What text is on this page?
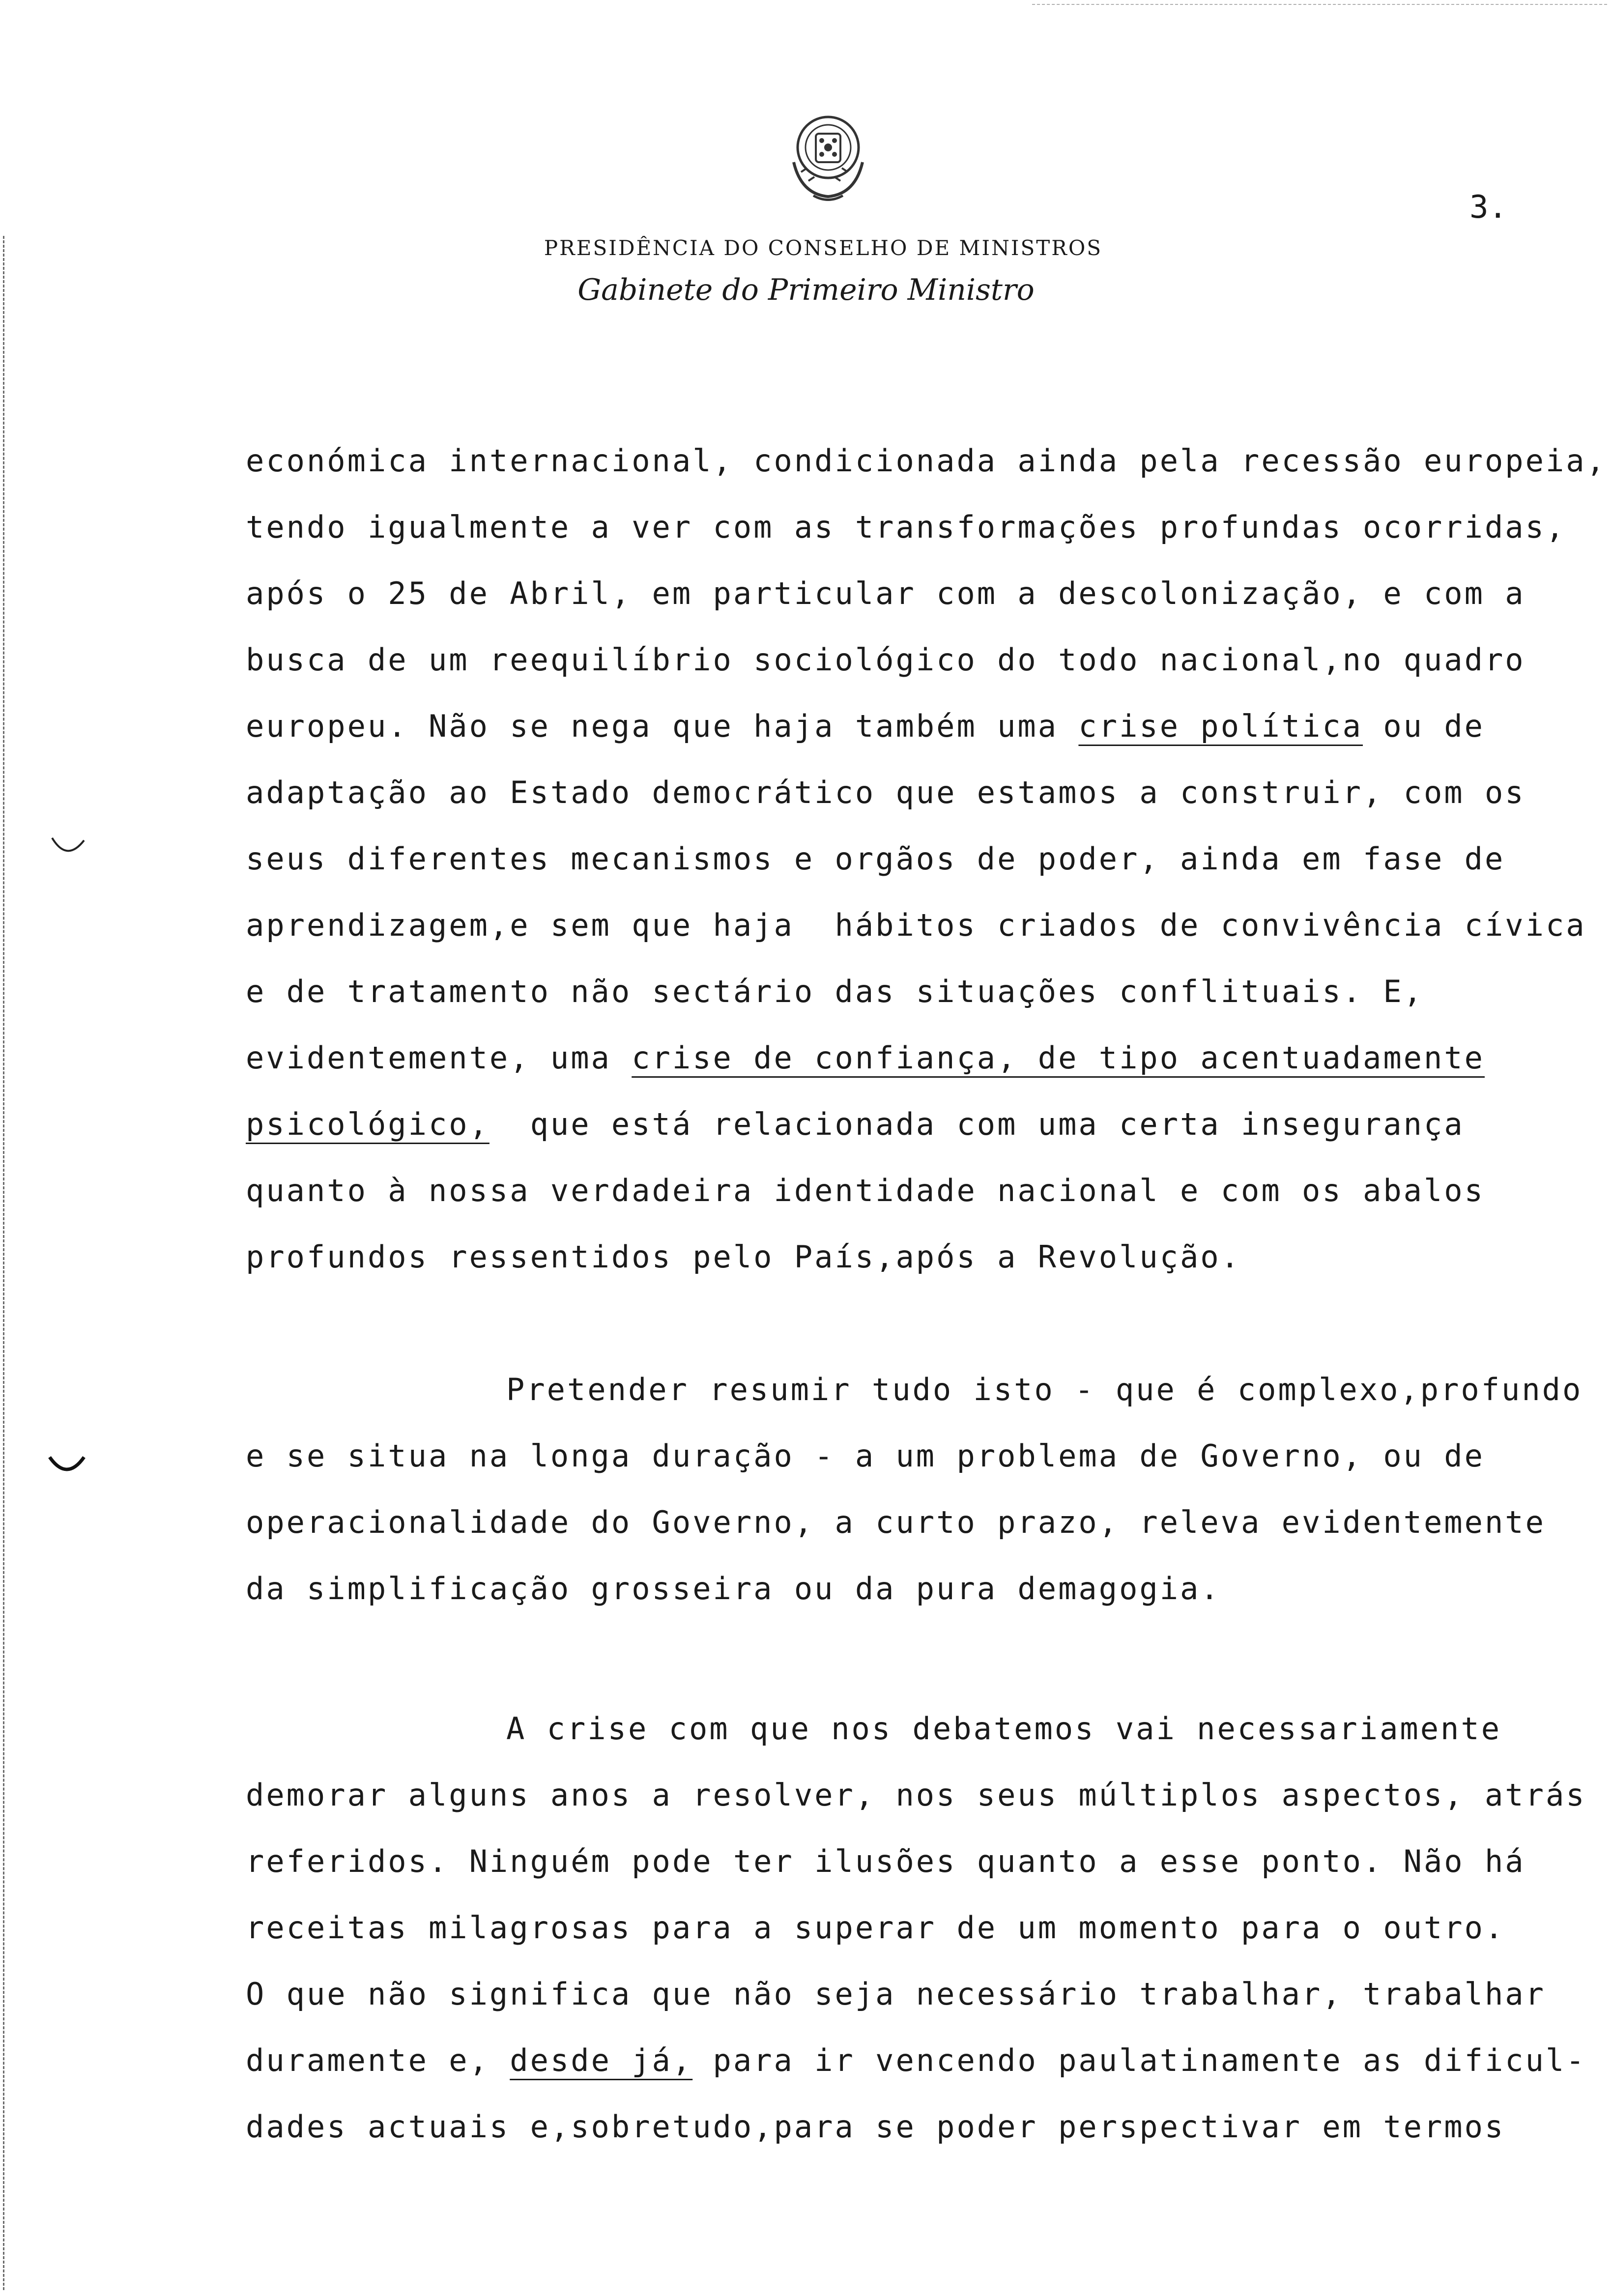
3.
PRESIDÊNCIA DO CONSELHO DE MINISTROS
Gabinete do Primeiro Ministro
económica internacional, condicionada ainda pela recessão europeia,
tendo igualmente a ver com as transformações profundas ocorridas,
após o 25 de Abril, em particular com a descolonização, e com a
busca de um reequilíbrio sociológico do todo nacional,no quadro
europeu. Não se nega que haja também uma crise política ou de
adaptação ao Estado democrático que estamos a construir, com os
seus diferentes mecanismos e orgãos de poder, ainda em fase de
aprendizagem,e sem que haja  hábitos criados de convivência cívica
e de tratamento não sectário das situações conflituais. E,
evidentemente, uma crise de confiança, de tipo acentuadamente
psicológico,  que está relacionada com uma certa insegurança
quanto à nossa verdadeira identidade nacional e com os abalos
profundos ressentidos pelo País,após a Revolução.
Pretender resumir tudo isto - que é complexo,profundo
e se situa na longa duração - a um problema de Governo, ou de
operacionalidade do Governo, a curto prazo, releva evidentemente
da simplificação grosseira ou da pura demagogia.
A crise com que nos debatemos vai necessariamente
demorar alguns anos a resolver, nos seus múltiplos aspectos, atrás
referidos. Ninguém pode ter ilusões quanto a esse ponto. Não há
receitas milagrosas para a superar de um momento para o outro.
O que não significa que não seja necessário trabalhar, trabalhar
duramente e, desde já, para ir vencendo paulatinamente as dificul-
dades actuais e,sobretudo,para se poder perspectivar em termos
